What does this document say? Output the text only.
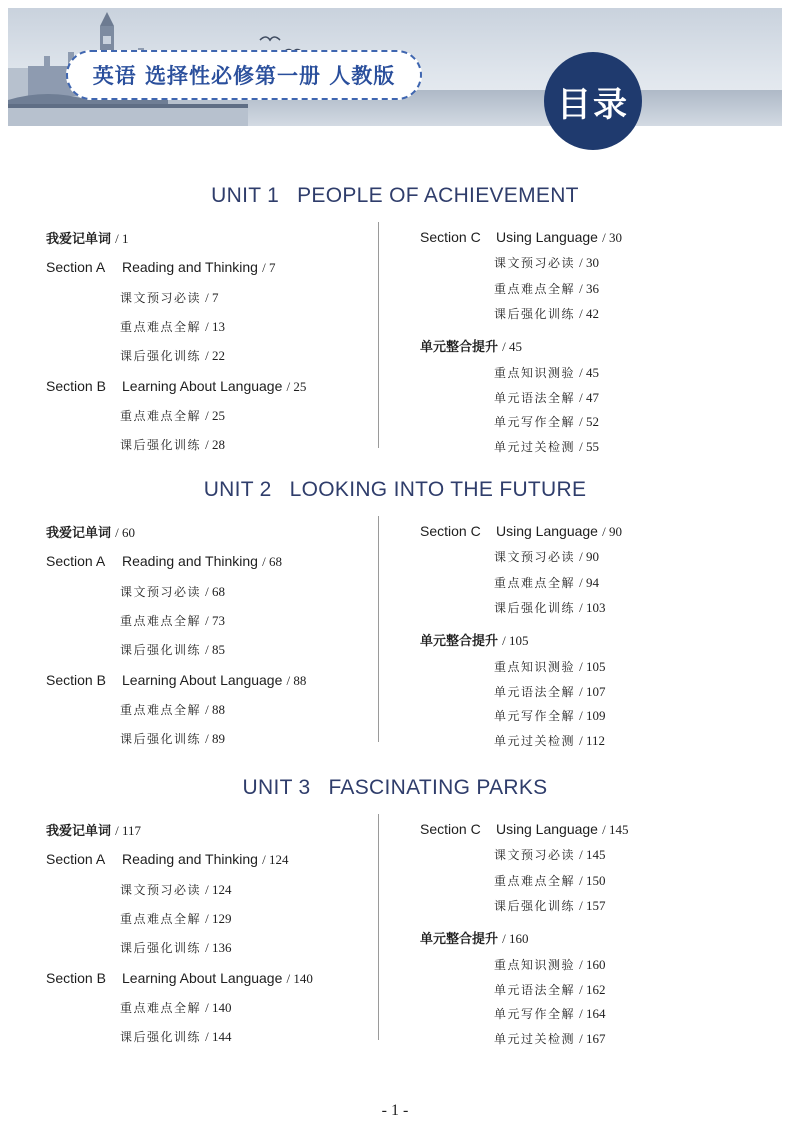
英语 选择性必修第一册 人教版
目录
UNIT 1 PEOPLE OF ACHIEVEMENT
我爱记单词 / 1
Section A Reading and Thinking / 7
课文预习必读 / 7
重点难点全解 / 13
课后强化训练 / 22
Section B Learning About Language / 25
重点难点全解 / 25
课后强化训练 / 28
Section C Using Language / 30
课文预习必读 / 30
重点难点全解 / 36
课后强化训练 / 42
单元整合提升 / 45
重点知识测验 / 45
单元语法全解 / 47
单元写作全解 / 52
单元过关检测 / 55
UNIT 2 LOOKING INTO THE FUTURE
我爱记单词 / 60
Section A Reading and Thinking / 68
课文预习必读 / 68
重点难点全解 / 73
课后强化训练 / 85
Section B Learning About Language / 88
重点难点全解 / 88
课后强化训练 / 89
Section C Using Language / 90
课文预习必读 / 90
重点难点全解 / 94
课后强化训练 / 103
单元整合提升 / 105
重点知识测验 / 105
单元语法全解 / 107
单元写作全解 / 109
单元过关检测 / 112
UNIT 3 FASCINATING PARKS
我爱记单词 / 117
Section A Reading and Thinking / 124
课文预习必读 / 124
重点难点全解 / 129
课后强化训练 / 136
Section B Learning About Language / 140
重点难点全解 / 140
课后强化训练 / 144
Section C Using Language / 145
课文预习必读 / 145
重点难点全解 / 150
课后强化训练 / 157
单元整合提升 / 160
重点知识测验 / 160
单元语法全解 / 162
单元写作全解 / 164
单元过关检测 / 167
- 1 -
